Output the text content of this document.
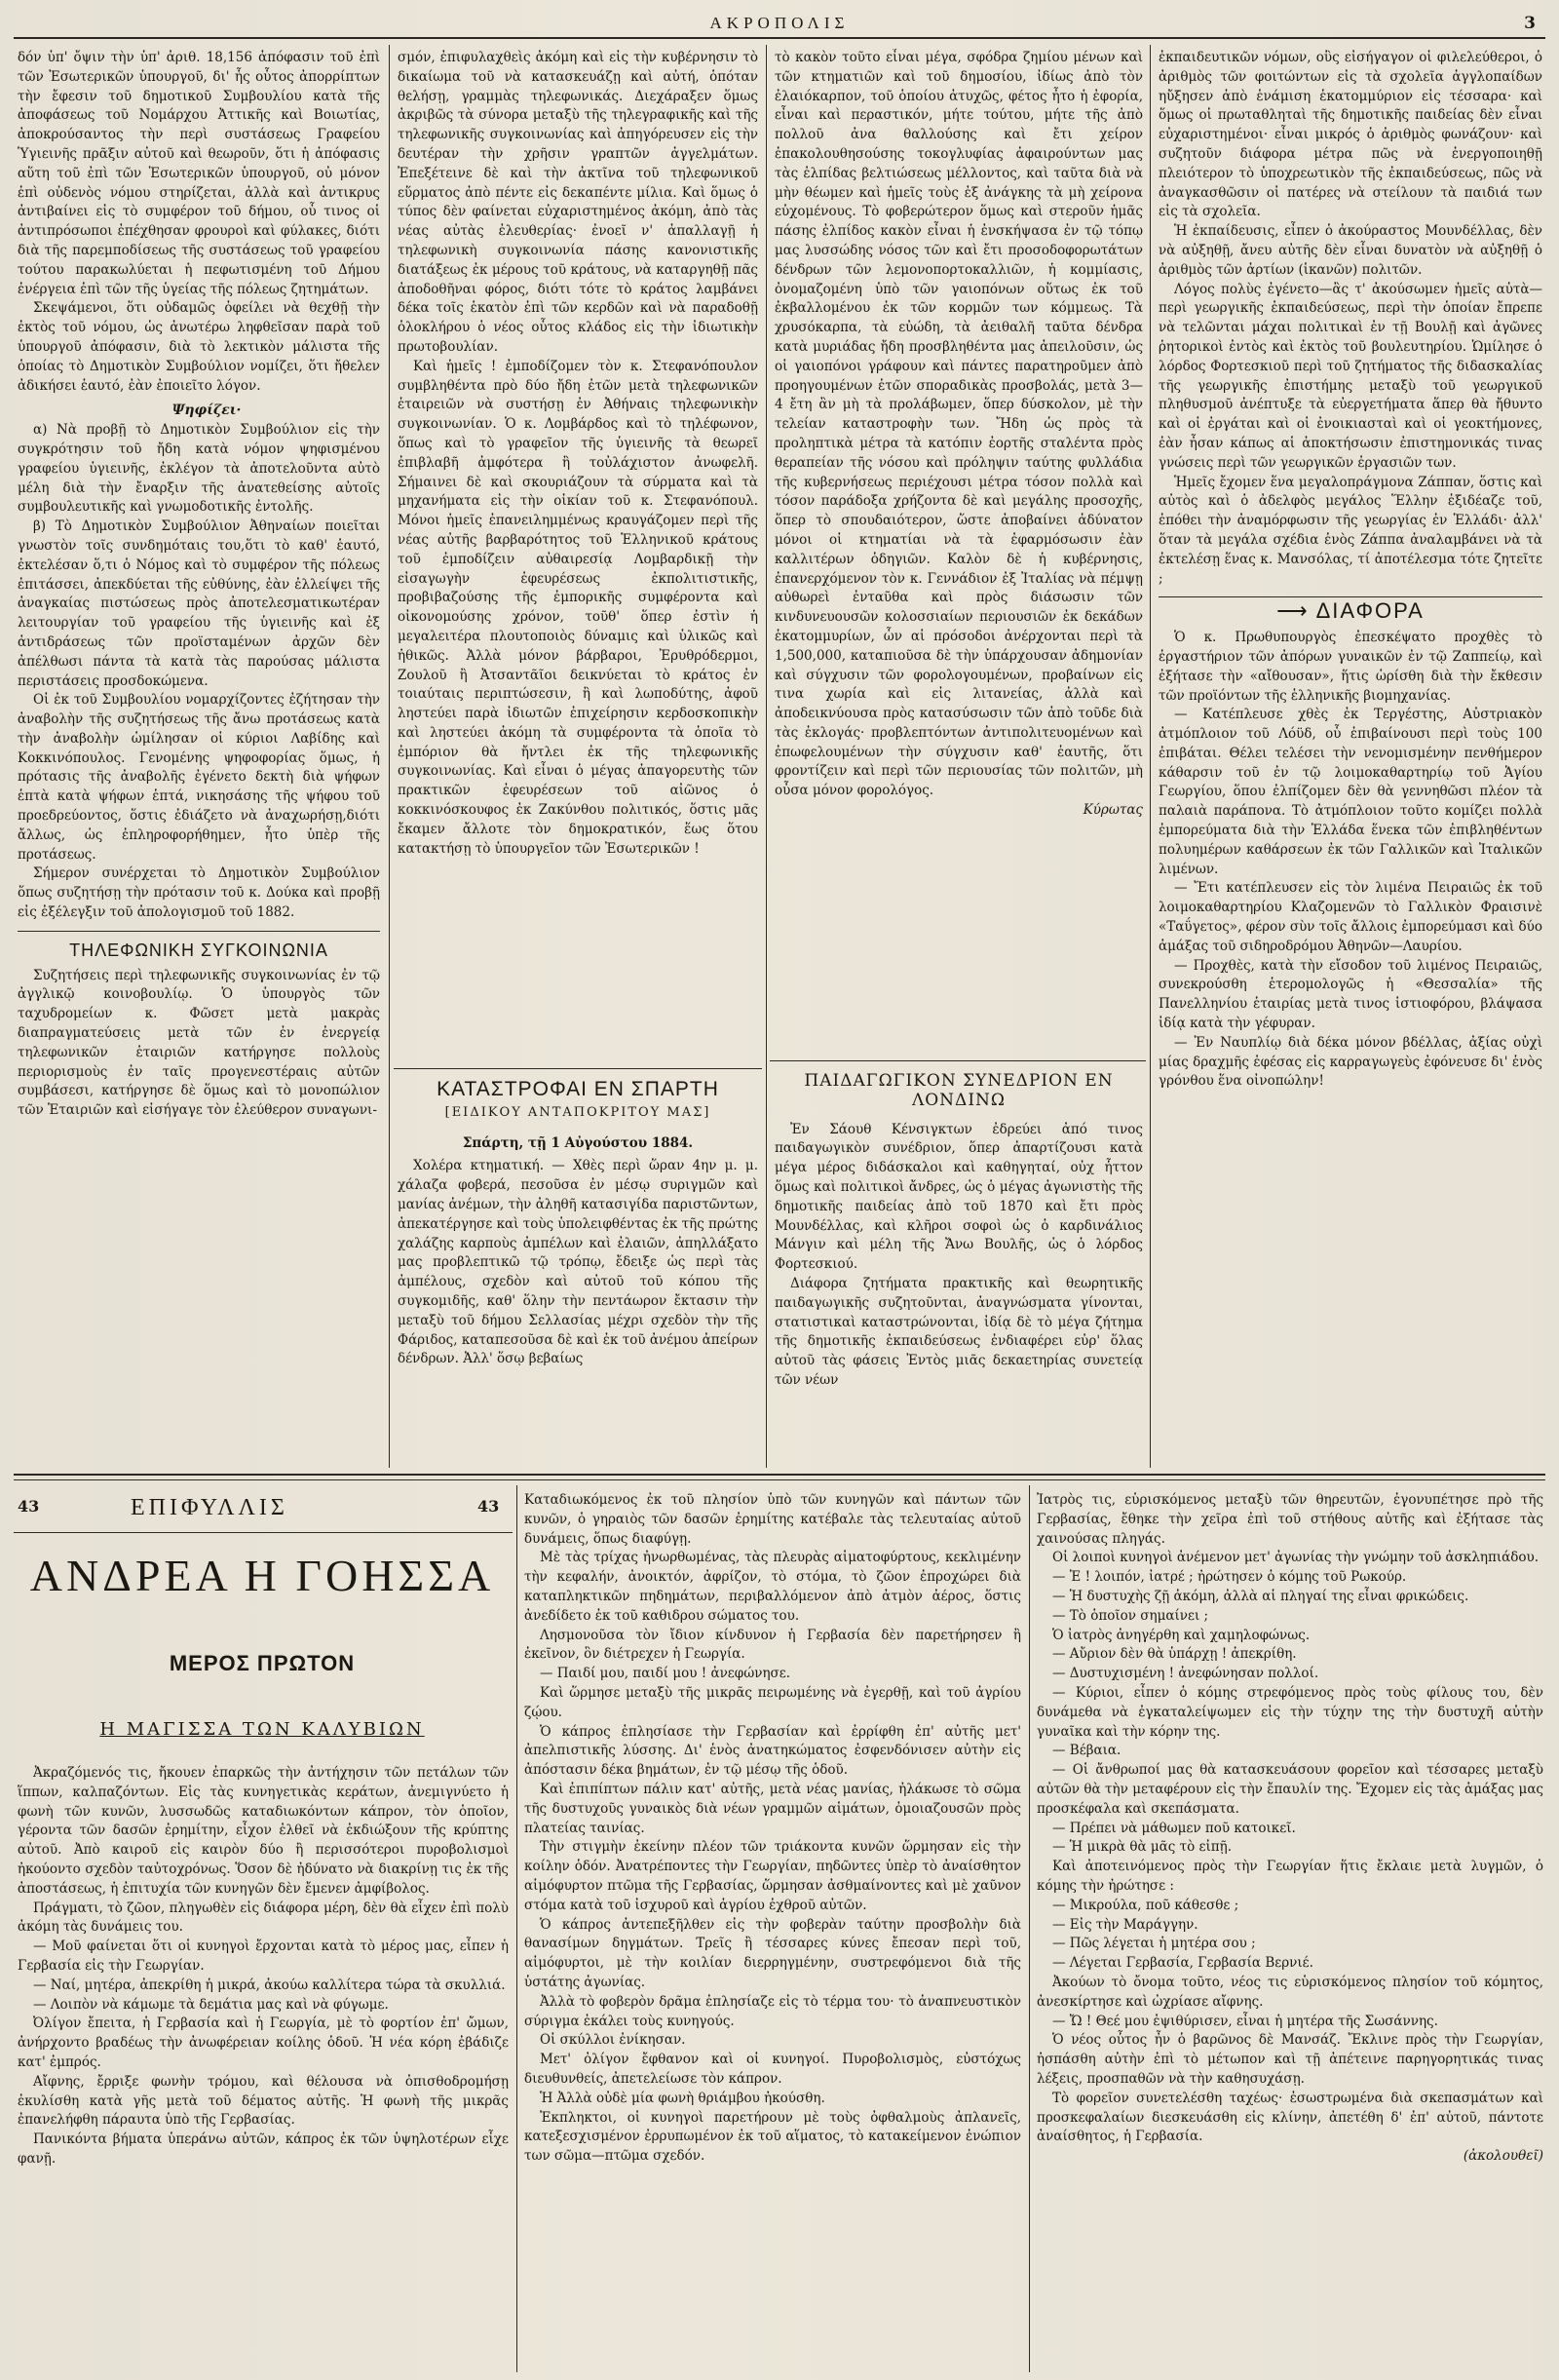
ΑΚΡΟΠΟΛΙΣ	3

δόν ὑπ' ὄψιν τὴν ὑπ' ἀριθ. 18,156 ἀπόφασιν τοῦ ἐπὶ τῶν Ἐσωτερικῶν ὑπουργοῦ, δι' ἧς οὗτος ἀπορρίπτων τὴν ἔφεσιν τοῦ δημοτικοῦ Συμβουλίου κατὰ τῆς ἀποφάσεως τοῦ Νομάρχου Ἀττικῆς καὶ Βοιωτίας, ἀποκρούσαντος τὴν περὶ συστάσεως Γραφείου Ὑγιεινῆς πρᾶξιν αὐτοῦ καὶ θεωροῦν, ὅτι ἡ ἀπόφασις αὕτη τοῦ ἐπὶ τῶν Ἐσωτερικῶν ὑπουργοῦ, οὐ μόνον ἐπὶ οὐδενὸς νόμου στηρίζεται, ἀλλὰ καὶ ἀντικρυς ἀντιβαίνει εἰς τὸ συμφέρον τοῦ δήμου, οὗ τινος οἱ ἀντιπρόσωποι ἐπέχθησαν φρουροὶ καὶ φύλακες, διότι διὰ τῆς παρεμποδίσεως τῆς συστάσεως τοῦ γραφείου τούτου παρακωλύεται ἡ πεφωτισμένη τοῦ Δήμου ἐνέργεια ἐπὶ τῶν τῆς ὑγείας τῆς πόλεως ζητημάτων.

Σκεψάμενοι, ὅτι οὐδαμῶς ὀφείλει νὰ θεχθῇ τὴν ἐκτὸς τοῦ νόμου, ὡς ἀνωτέρω ληφθεῖσαν παρὰ τοῦ ὑπουργοῦ ἀπόφασιν, διὰ τὸ λεκτικὸν μάλιστα τῆς ὁποίας τὸ Δημοτικὸν Συμβούλιον νομίζει, ὅτι ἤθελεν ἀδικήσει ἑαυτό, ἐὰν ἐποιεῖτο λόγον.

Ψηφίζει·

α) Νὰ προβῇ τὸ Δημοτικὸν Συμβούλιον εἰς τὴν συγκρότησιν τοῦ ἤδη κατὰ νόμον ψηφισμένου γραφείου ὑγιεινῆς, ἐκλέγον τὰ ἀποτελοῦντα αὐτὸ μέλη διὰ τὴν ἔναρξιν τῆς ἀνατεθείσης αὐτοῖς συμβουλευτικῆς καὶ γνωμοδοτικῆς ἐντολῆς.

β) Τὸ Δημοτικὸν Συμβούλιον Ἀθηναίων ποιεῖται γνωστὸν τοῖς συνδημόταις του,ὅτι τὸ καθ' ἑαυτό, ἐκτελέσαν ὅ,τι ὁ Νόμος καὶ τὸ συμφέρον τῆς πόλεως ἐπιτάσσει, ἀπεκδύεται τῆς εὐθύνης, ἐὰν ἐλλείψει τῆς ἀναγκαίας πιστώσεως πρὸς ἀποτελεσματικωτέραν λειτουργίαν τοῦ γραφείου τῆς ὑγιεινῆς καὶ ἐξ ἀντιδράσεως τῶν προϊσταμένων ἀρχῶν δὲν ἀπέλθωσι πάντα τὰ κατὰ τὰς παρούσας μάλιστα περιστάσεις προσδοκώμενα.

Οἱ ἐκ τοῦ Συμβουλίου νομαρχίζοντες ἐζήτησαν τὴν ἀναβολὴν τῆς συζητήσεως τῆς ἄνω προτάσεως κατὰ τὴν ἀναβολὴν ὡμίλησαν οἱ κύριοι Λαβίδης καὶ Κοκκινόπουλος. Γενομένης ψηφοφορίας ὅμως, ἡ πρότασις τῆς ἀναβολῆς ἐγένετο δεκτὴ διὰ ψήφων ἑπτὰ κατὰ ψήφων ἑπτά, νικησάσης τῆς ψήφου τοῦ προεδρεύοντος, ὅστις ἐδιάζετο νὰ ἀναχωρήσῃ,διότι ἄλλως, ὡς ἐπληροφορήθημεν, ἦτο ὑπὲρ τῆς προτάσεως.

Σήμερον συνέρχεται τὸ Δημοτικὸν Συμβούλιον ὅπως συζητήσῃ τὴν πρότασιν τοῦ κ. Δούκα καὶ προβῇ εἰς ἐξέλεγξιν τοῦ ἀπολογισμοῦ τοῦ 1882.

ΤΗΛΕΦΩΝΙΚΗ ΣΥΓΚΟΙΝΩΝΙΑ

Συζητήσεις περὶ τηλεφωνικῆς συγκοινωνίας ἐν τῷ ἀγγλικῷ κοινοβουλίῳ. Ὁ ὑπουργὸς τῶν ταχυδρομείων κ. Φῶσετ μετὰ μακρὰς διαπραγματεύσεις μετὰ τῶν ἐν ἐνεργείᾳ τηλεφωνικῶν ἑταιριῶν κατήργησε πολλοὺς περιορισμοὺς ἐν ταῖς προγενεστέραις αὐτῶν συμβάσεσι, κατήργησε δὲ ὅμως καὶ τὸ μονοπώλιον τῶν Ἑταιριῶν καὶ εἰσήγαγε τὸν ἐλεύθερον συναγωνι-

σμόν, ἐπιφυλαχθεὶς ἀκόμη καὶ εἰς τὴν κυβέρνησιν τὸ δικαίωμα τοῦ νὰ κατασκευάζῃ καὶ αὐτή, ὁπόταν θελήσῃ, γραμμὰς τηλεφωνικάς. Διεχάραξεν ὅμως ἀκριβῶς τὰ σύνορα μεταξὺ τῆς τηλεγραφικῆς καὶ τῆς τηλεφωνικῆς συγκοινωνίας καὶ ἀπηγόρευσεν εἰς τὴν δευτέραν τὴν χρῆσιν γραπτῶν ἀγγελμάτων. Ἐπεξέτεινε δὲ καὶ τὴν ἀκτῖνα τοῦ τηλεφωνικοῦ εὕρματος ἀπὸ πέντε εἰς δεκαπέντε μίλια. Καὶ ὅμως ὁ τύπος δὲν φαίνεται εὐχαριστημένος ἀκόμη, ἀπὸ τὰς νέας αὐτὰς ἐλευθερίας· ἐνοεῖ ν' ἀπαλλαγῇ ἡ τηλεφωνικὴ συγκοινωνία πάσης κανονιστικῆς διατάξεως ἐκ μέρους τοῦ κράτους, νὰ καταργηθῇ πᾶς ἀποδοθῆναι φόρος, διότι τότε τὸ κράτος λαμβάνει δέκα τοῖς ἑκατὸν ἐπὶ τῶν κερδῶν καὶ νὰ παραδοθῇ ὁλοκλήρου ὁ νέος οὗτος κλάδος εἰς τὴν ἰδιωτικὴν πρωτοβουλίαν.

Καὶ ἡμεῖς ! ἐμποδίζομεν τὸν κ. Στεφανόπουλον συμβληθέντα πρὸ δύο ἤδη ἐτῶν μετὰ τηλεφωνικῶν ἑταιρειῶν νὰ συστήσῃ ἐν Ἀθήναις τηλεφωνικὴν συγκοινωνίαν. Ὁ κ. Λομβάρδος καὶ τὸ τηλέφωνον, ὅπως καὶ τὸ γραφεῖον τῆς ὑγιεινῆς τὰ θεωρεῖ ἐπιβλαβῆ ἀμφότερα ἢ τοὐλάχιστον ἀνωφελῆ. Σήμαινει δὲ καὶ σκουριάζουν τὰ σύρματα καὶ τὰ μηχανήματα εἰς τὴν οἰκίαν τοῦ κ. Στεφανόπουλ. Μόνοι ἡμεῖς ἐπανειλημμένως κραυγάζομεν περὶ τῆς νέας αὐτῆς βαρβαρότητος τοῦ Ἑλληνικοῦ κράτους τοῦ ἐμποδίζειν αὐθαιρεσίᾳ Λομβαρδικῇ τὴν εἰσαγωγὴν ἐφευρέσεως ἐκπολιτιστικῆς, προβιβαζούσης τῆς ἐμπορικῆς συμφέροντα καὶ οἰκονομούσης χρόνον, τοῦθ' ὅπερ ἐστὶν ἡ μεγαλειτέρα πλουτοποιὸς δύναμις καὶ ὑλικῶς καὶ ἠθικῶς. Ἀλλὰ μόνον βάρβαροι, Ἐρυθρόδερμοι, Ζουλοῦ ἢ Ἀτσαντᾶῖοι δεικνύεται τὸ κράτος ἐν τοιαύταις περιπτώσεσιν, ἢ καὶ λωποδύτης, ἀφοῦ ληστεύει παρὰ ἰδιωτῶν ἐπιχείρησιν κερδοσκοπικὴν καὶ ληστεύει ἀκόμη τὰ συμφέροντα τὰ ὁποῖα τὸ ἐμπόριον θὰ ἤντλει ἐκ τῆς τηλεφωνικῆς συγκοινωνίας. Καὶ εἶναι ὁ μέγας ἀπαγορευτὴς τῶν πρακτικῶν ἐφευρέσεων τοῦ αἰῶνος ὁ κοκκινόσκουφος ἐκ Ζακύνθου πολιτικός, ὅστις μᾶς ἔκαμεν ἄλλοτε τὸν δημοκρατικόν, ἕως ὅτου κατακτήσῃ τὸ ὑπουργεῖον τῶν Ἐσωτερικῶν !

ΚΑΤΑΣΤΡΟΦΑΙ ΕΝ ΣΠΑΡΤΗ
[ΕΙΔΙΚΟΥ ΑΝΤΑΠΟΚΡΙΤΟΥ ΜΑΣ]

Σπάρτη, τῇ 1 Αὐγούστου 1884.

Χολέρα κτηματική. — Χθὲς περὶ ὥραν 4ην μ. μ. χάλαζα φοβερά, πεσοῦσα ἐν μέσῳ συριγμῶν καὶ μανίας ἀνέμων, τὴν ἀληθῆ κατασιγίδα παριστῶντων, ἀπεκατέργησε καὶ τοὺς ὑπολειφθέντας ἐκ τῆς πρώτης χαλάζης καρποὺς ἀμπέλων καὶ ἐλαιῶν, ἀπηλλάξατο μας προβλεπτικῶ τῷ τρόπῳ, ἔδειξε ὡς περὶ τὰς ἀμπέλους, σχεδὸν καὶ αὐτοῦ τοῦ κόπου τῆς συγκομιδῆς, καθ' ὅλην τὴν πεντάωρον ἔκτασιν τὴν μεταξὺ τοῦ δήμου Σελλασίας μέχρι σχεδὸν τὴν τῆς Φάριδος, καταπεσοῦσα δὲ καὶ ἐκ τοῦ ἀνέμου ἀπείρων δένδρων. Ἀλλ' ὅσῳ βεβαίως

τὸ κακὸν τοῦτο εἶναι μέγα, σφόδρα ζημίου μένων καὶ τῶν κτηματιῶν καὶ τοῦ δημοσίου, ἰδίως ἀπὸ τὸν ἐλαιόκαρπον, τοῦ ὁποίου ἀτυχῶς, φέτος ἦτο ἡ ἐφορία, εἶναι καὶ περαστικόν, μήτε τούτου, μήτε τῆς ἀπὸ πολλοῦ ἀνα θαλλούσης καὶ ἔτι χείρον ἐπακολουθησούσης τοκογλυφίας ἀφαιρούντων μας τὰς ἐλπίδας βελτιώσεως μέλλοντος, καὶ ταῦτα διὰ νὰ μὴν θέωμεν καὶ ἡμεῖς τοὺς ἐξ ἀνάγκης τὰ μὴ χείρονα εὐχομένους. Τὸ φοβερώτερον ὅμως καὶ στεροῦν ἡμᾶς πάσης ἐλπίδος κακὸν εἶναι ἡ ἐνσκήψασα ἐν τῷ τόπῳ μας λυσσώδης νόσος τῶν καὶ ἔτι προσοδοφορωτάτων δένδρων τῶν λεμονοπορτοκαλλιῶν, ἡ κομμίασις, ὀνομαζομένη ὑπὸ τῶν γαιοπόνων οὕτως ἐκ τοῦ ἐκβαλλομένου ἐκ τῶν κορμῶν των κόμμεως. Τὰ χρυσόκαρπα, τὰ εὐώδη, τὰ ἀειθαλῆ ταῦτα δένδρα κατὰ μυριάδας ἤδη προσβληθέντα μας ἀπειλοῦσιν, ὡς οἱ γαιοπόνοι γράφουν καὶ πάντες παρατηροῦμεν ἀπὸ προηγουμένων ἐτῶν σποραδικὰς προσβολάς, μετὰ 3—4 ἔτη ἂν μὴ τὰ προλάβωμεν, ὅπερ δύσκολον, μὲ τὴν τελείαν καταστροφὴν των. Ἤδη ὡς πρὸς τὰ προληπτικὰ μέτρα τὰ κατόπιν ἐορτῆς σταλέντα πρὸς θεραπείαν τῆς νόσου καὶ πρόληψιν ταύτης φυλλάδια τῆς κυβερνήσεως περιέχουσι μέτρα τόσον πολλὰ καὶ τόσον παράδοξα χρήζοντα δὲ καὶ μεγάλης προσοχῆς, ὅπερ τὸ σπουδαιότερον, ὥστε ἀποβαίνει ἀδύνατον μόνοι οἱ κτηματίαι νὰ τὰ ἐφαρμόσωσιν ἐὰν καλλιτέρων ὁδηγιῶν. Καλὸν δὲ ἡ κυβέρνησις, ἐπανερχόμενον τὸν κ. Γεννάδιον ἐξ Ἰταλίας νὰ πέμψῃ αὐθωρεὶ ἐνταῦθα καὶ πρὸς διάσωσιν τῶν κινδυνευουσῶν κολοσσιαίων περιουσιῶν ἐκ δεκάδων ἑκατομμυρίων, ὧν αἱ πρόσοδοι ἀνέρχονται περὶ τὰ 1,500,000, καταπιοῦσα δὲ τὴν ὑπάρχουσαν ἀδημονίαν καὶ σύγχυσιν τῶν φορολογουμένων, προβαίνων εἰς τινα χωρία καὶ εἰς λιτανείας, ἀλλὰ καὶ ἀποδεικνύουσα πρὸς κατασύσωσιν τῶν ἀπὸ τοῦδε διὰ τὰς ἐκλογάς· προβλεπτόντων ἀντιπολιτευομένων καὶ ἐπωφελουμένων τὴν σύγχυσιν καθ' ἑαυτῆς, ὅτι φροντίζειν καὶ περὶ τῶν περιουσίας τῶν πολιτῶν, μὴ οὖσα μόνον φορολόγος.

Κύρωτας

ΠΑΙΔΑΓΩΓΙΚΟΝ ΣΥΝΕΔΡΙΟΝ ΕΝ ΛΟΝΔΙΝΩ

Ἐν Σάουθ Κένσιγκτων ἐδρεύει ἀπό τινος παιδαγωγικὸν συνέδριον, ὅπερ ἀπαρτίζουσι κατὰ μέγα μέρος διδάσκαλοι καὶ καθηγηταί, οὐχ ἧττον ὅμως καὶ πολιτικοὶ ἄνδρες, ὡς ὁ μέγας ἀγωνιστὴς τῆς δημοτικῆς παιδείας ἀπὸ τοῦ 1870 καὶ ἔτι πρὸς Μουνδέλλας, καὶ κλῆροι σοφοὶ ὡς ὁ καρδινάλιος Μάνγιν καὶ μέλη τῆς Ἄνω Βουλῆς, ὡς ὁ λόρδος Φορτεσκιού.

Διάφορα ζητήματα πρακτικῆς καὶ θεωρητικῆς παιδαγωγικῆς συζητοῦνται, ἀναγνώσματα γίνονται, στατιστικαὶ καταστρώνονται, ἰδίᾳ δὲ τὸ μέγα ζήτημα τῆς δημοτικῆς ἐκπαιδεύσεως ἐνδιαφέρει εὐρ' ὅλας αὐτοῦ τὰς φάσεις Ἐντὸς μιᾶς δεκαετηρίας συνετείᾳ τῶν νέων

ἐκπαιδευτικῶν νόμων, οὓς εἰσήγαγον οἱ φιλελεύθεροι, ὁ ἀριθμὸς τῶν φοιτώντων εἰς τὰ σχολεῖα ἀγγλοπαίδων ηὔξησεν ἀπὸ ἑνάμιση ἑκατομμύριον εἰς τέσσαρα· καὶ ὅμως οἱ πρωταθληταὶ τῆς δημοτικῆς παιδείας δὲν εἶναι εὐχαριστημένοι· εἶναι μικρός ὁ ἀριθμὸς φωνάζουν· καὶ συζητοῦν διάφορα μέτρα πῶς νὰ ἐνεργοποιηθῇ πλειότερον τὸ ὑποχρεωτικὸν τῆς ἐκπαιδεύσεως, πῶς νὰ ἀναγκασθῶσιν οἱ πατέρες νὰ στείλουν τὰ παιδιά των εἰς τὰ σχολεῖα.

Ἡ ἐκπαίδευσις, εἶπεν ὁ ἀκούραστος Μουνδέλλας, δὲν νὰ αὐξηθῇ, ἄνευ αὐτῆς δὲν εἶναι δυνατὸν νὰ αὐξηθῇ ὁ ἀριθμὸς τῶν ἀρτίων (ἱκανῶν) πολιτῶν.

Λόγος πολὺς ἐγένετο—ἂς τ' ἀκούσωμεν ἡμεῖς αὐτὰ—περὶ γεωργικῆς ἐκπαιδεύσεως, περὶ τὴν ὁποίαν ἔπρεπε νὰ τελῶνται μάχαι πολιτικαὶ ἐν τῇ Βουλῇ καὶ ἀγῶνες ῥητορικοὶ ἐντὸς καὶ ἐκτὸς τοῦ βουλευτηρίου. Ὡμίλησε ὁ λόρδος Φορτεσκιοῦ περὶ τοῦ ζητήματος τῆς διδασκαλίας τῆς γεωργικῆς ἐπιστήμης μεταξὺ τοῦ γεωργικοῦ πληθυσμοῦ ἀνέπτυξε τὰ εὐεργετήματα ἅπερ θὰ ἤθυντο καὶ οἱ ἐργάται καὶ οἱ ἐνοικιασταὶ καὶ οἱ γεοκτήμονες, ἐὰν ἦσαν κάπως αἱ ἀποκτήσωσιν ἐπιστημονικάς τινας γνώσεις περὶ τῶν γεωργικῶν ἐργασιῶν των.

Ἡμεῖς ἔχομεν ἕνα μεγαλοπράγμονα Ζάππαν, ὅστις καὶ αὐτὸς καὶ ὁ ἀδελφὸς μεγάλος Ἕλλην ἐξιδέαζε τοῦ, ἐπόθει τὴν ἀναμόρφωσιν τῆς γεωργίας ἐν Ἑλλάδι· ἀλλ' ὅταν τὰ μεγάλα σχέδια ἐνὸς Ζάππα ἀναλαμβάνει νὰ τὰ ἐκτελέσῃ ἕνας κ. Μανσόλας, τί ἀποτέλεσμα τότε ζητεῖτε ;

⟶ ΔΙΑΦΟΡΑ

Ὁ κ. Πρωθυπουργὸς ἐπεσκέψατο προχθὲς τὸ ἐργαστήριον τῶν ἀπόρων γυναικῶν ἐν τῷ Ζαππείῳ, καὶ ἐξήτασε τὴν «αἴθουσαν», ἥτις ὡρίσθη διὰ τὴν ἔκθεσιν τῶν προϊόντων τῆς ἑλληνικῆς βιομηχανίας.

— Κατέπλευσε χθὲς ἐκ Τεργέστης, Αὐστριακὸν ἀτμόπλοιον τοῦ Λόϋδ, οὗ ἐπιβαίνουσι περὶ τοὺς 100 ἐπιβάται. Θέλει τελέσει τὴν νενομισμένην πενθήμερον κάθαρσιν τοῦ ἐν τῷ λοιμοκαθαρτηρίῳ τοῦ Ἁγίου Γεωργίου, ὅπου ἐλπίζομεν δὲν θὰ γεννηθῶσι πλέον τὰ παλαιὰ παράπονα. Τὸ ἀτμόπλοιον τοῦτο κομίζει πολλὰ ἐμπορεύματα διὰ τὴν Ἑλλάδα ἕνεκα τῶν ἐπιβληθέντων πολυημέρων καθάρσεων ἐκ τῶν Γαλλικῶν καὶ Ἰταλικῶν λιμένων.

— Ἔτι κατέπλευσεν εἰς τὸν λιμένα Πειραιῶς ἐκ τοῦ λοιμοκαθαρτηρίου Κλαζομενῶν τὸ Γαλλικὸν Φραισινὲ «Ταΰγετος», φέρον σὺν τοῖς ἄλλοις ἐμπορεύμασι καὶ δύο ἁμάξας τοῦ σιδηροδρόμου Ἀθηνῶν—Λαυρίου.

— Προχθὲς, κατὰ τὴν εἴσοδον τοῦ λιμένος Πειραιῶς, συνεκρούσθη ἑτερομολογῶς ἡ «Θεσσαλία» τῆς Πανελληνίου ἑταιρίας μετὰ τινος ἱστιοφόρου, βλάψασα ἰδίᾳ κατὰ τὴν γέφυραν.

— Ἐν Ναυπλίῳ διὰ δέκα μόνον βδέλλας, ἀξίας οὐχὶ μίας δραχμῆς ἐφέσας εἰς καρραγωγεὺς ἐφόνευσε δι' ἑνὸς γρόνθου ἕνα οἰνοπώλην!

43	ΕΠΙΦΥΛΛΙΣ	43
ΑΝΔΡΕΑ Η ΓΟΗΣΣΑ
ΜΕΡΟΣ ΠΡΩΤΟΝ
Η ΜΑΓΙΣΣΑ ΤΩΝ ΚΑΛΥΒΙΩΝ

Ἀκραζόμενός τις, ἤκουεν ἐπαρκῶς τὴν ἀντήχησιν τῶν πετάλων τῶν ἵππων, καλπαζόντων. Εἰς τὰς κυνηγετικὰς κεράτων, ἀνεμιγνύετο ἡ φωνὴ τῶν κυνῶν, λυσσωδῶς καταδιωκόντων κάπρον, τὸν ὁποῖον, γέροντα τῶν δασῶν ἐρημίτην, εἶχον ἐλθεῖ νὰ ἐκδιώξουν τῆς κρύπτης αὐτοῦ. Ἀπὸ καιροῦ εἰς καιρὸν δύο ἢ περισσότεροι πυροβολισμοὶ ἠκούοντο σχεδὸν ταὐτοχρόνως. Ὅσον δὲ ἠδύνατο νὰ διακρίνῃ τις ἐκ τῆς ἀποστάσεως, ἡ ἐπιτυχία τῶν κυνηγῶν δὲν ἔμενεν ἀμφίβολος.

Πράγματι, τὸ ζῶον, πληγωθὲν εἰς διάφορα μέρη, δὲν θὰ εἶχεν ἐπὶ πολὺ ἀκόμη τὰς δυνάμεις του.

— Μοῦ φαίνεται ὅτι οἱ κυνηγοὶ ἔρχονται κατὰ τὸ μέρος μας, εἶπεν ἡ Γερβασία εἰς τὴν Γεωργίαν.

— Ναί, μητέρα, ἀπεκρίθη ἡ μικρά, ἀκούω καλλίτερα τώρα τὰ σκυλλιά.

— Λοιπὸν νὰ κάμωμε τὰ δεμάτια μας καὶ νὰ φύγωμε.

Ὀλίγον ἔπειτα, ἡ Γερβασία καὶ ἡ Γεωργία, μὲ τὸ φορτίον ἐπ' ὤμων, ἀνήρχοντο βραδέως τὴν ἀνωφέρειαν κοίλης ὁδοῦ. Ἡ νέα κόρη ἐβάδιζε κατ' ἐμπρός.

Αἴφνης, ἔρριξε φωνὴν τρόμου, καὶ θέλουσα νὰ ὀπισθοδρομήσῃ ἐκυλίσθη κατὰ γῆς μετὰ τοῦ δέματος αὐτῆς. Ἡ φωνὴ τῆς μικρᾶς ἐπανελήφθη πάραυτα ὑπὸ τῆς Γερβασίας.

Πανικόντα βήματα ὑπεράνω αὐτῶν, κάπρος ἐκ τῶν ὑψηλοτέρων εἶχε φανῇ.

Καταδιωκόμενος ἐκ τοῦ πλησίον ὑπὸ τῶν κυνηγῶν καὶ πάντων τῶν κυνῶν, ὁ γηραιὸς τῶν δασῶν ἐρημίτης κατέβαλε τὰς τελευταίας αὐτοῦ δυνάμεις, ὅπως διαφύγῃ.

Μὲ τὰς τρίχας ἠνωρθωμένας, τὰς πλευρὰς αἱματοφύρτους, κεκλιμένην τὴν κεφαλήν, ἀνοικτόν, ἀφρίζον, τὸ στόμα, τὸ ζῶον ἐπροχώρει διὰ καταπληκτικῶν πηδημάτων, περιβαλλόμενον ἀπὸ ἀτμὸν ἀέρος, ὅστις ἀνεδίδετο ἐκ τοῦ καθιδρου σώματος του.

Λησμονοῦσα τὸν ἴδιον κίνδυνον ἡ Γερβασία δὲν παρετήρησεν ἢ ἐκεῖνον, ὃν διέτρεχεν ἡ Γεωργία.

— Παιδί μου, παιδί μου ! ἀνεφώνησε.

Καὶ ὥρμησε μεταξὺ τῆς μικρᾶς πειρωμένης νὰ ἐγερθῇ, καὶ τοῦ ἀγρίου ζῴου.

Ὁ κάπρος ἐπλησίασε τὴν Γερβασίαν καὶ ἐρρίφθη ἐπ' αὐτῆς μετ' ἀπελπιστικῆς λύσσης. Δι' ἑνὸς ἀνατηκώματος ἐσφενδόνισεν αὐτὴν εἰς ἀπόστασιν δέκα βημάτων, ἐν τῷ μέσῳ τῆς ὁδοῦ.

Καὶ ἐπιπίπτων πάλιν κατ' αὐτῆς, μετὰ νέας μανίας, ἠλάκωσε τὸ σῶμα τῆς δυστυχοῦς γυναικὸς διὰ νέων γραμμῶν αἱμάτων, ὁμοιαζουσῶν πρὸς πλατείας ταινίας.

Τὴν στιγμὴν ἐκείνην πλέον τῶν τριάκοντα κυνῶν ὥρμησαν εἰς τὴν κοίλην ὁδόν. Ἀνατρέποντες τὴν Γεωργίαν, πηδῶντες ὑπὲρ τὸ ἀναίσθητον αἱμόφυρτον πτῶμα τῆς Γερβασίας, ὥρμησαν ἀσθμαίνοντες καὶ μὲ χαῦνον στόμα κατὰ τοῦ ἰσχυροῦ καὶ ἀγρίου ἐχθροῦ αὐτῶν.

Ὁ κάπρος ἀντεπεξῆλθεν εἰς τὴν φοβερὰν ταύτην προσβολὴν διὰ θανασίμων δηγμάτων. Τρεῖς ἢ τέσσαρες κύνες ἔπεσαν περὶ τοῦ, αἱμόφυρτοι, μὲ τὴν κοιλίαν διερρηγμένην, συστρεφόμενοι διὰ τῆς ὑστάτης ἀγωνίας.

Ἀλλὰ τὸ φοβερὸν δρᾶμα ἐπλησίαζε εἰς τὸ τέρμα του· τὸ ἀναπνευστικὸν σύριγμα ἐκάλει τοὺς κυνηγούς.

Οἱ σκύλλοι ἐνίκησαν.

Μετ' ὀλίγον ἔφθανον καὶ οἱ κυνηγοί. Πυροβολισμὸς, εὐστόχως διευθυνθείς, ἀπετελείωσε τὸν κάπρον.

Ἡ Ἀλλὰ οὐδὲ μία φωνὴ θριάμβου ἠκούσθη.

Ἐκπληκτοι, οἱ κυνηγοὶ παρετήρουν μὲ τοὺς ὀφθαλμοὺς ἀπλανεῖς, κατεξεσχισμένον ἐρρυπωμένον ἐκ τοῦ αἵματος, τὸ κατακείμενον ἐνώπιον των σῶμα—πτῶμα σχεδόν.

Ἰατρὸς τις, εὑρισκόμενος μεταξὺ τῶν θηρευτῶν, ἐγονυπέτησε πρὸ τῆς Γερβασίας, ἔθηκε τὴν χεῖρα ἐπὶ τοῦ στήθους αὐτῆς καὶ ἐξήτασε τὰς χαινούσας πληγάς.

Οἱ λοιποὶ κυνηγοὶ ἀνέμενον μετ' ἀγωνίας τὴν γνώμην τοῦ ἀσκληπιάδου.

— Ἐ ! λοιπόν, ἰατρέ ; ἠρώτησεν ὁ κόμης τοῦ Ρωκούρ.

— Ἡ δυστυχὴς ζῇ ἀκόμη, ἀλλὰ αἱ πληγαί της εἶναι φρικώδεις.

— Τὸ ὁποῖον σημαίνει ;

Ὁ ἰατρὸς ἀνηγέρθη καὶ χαμηλοφώνως.

— Αὔριον δὲν θὰ ὑπάρχῃ ! ἀπεκρίθη.

— Δυστυχισμένη ! ἀνεφώνησαν πολλοί.

— Κύριοι, εἶπεν ὁ κόμης στρεφόμενος πρὸς τοὺς φίλους του, δὲν δυνάμεθα νὰ ἐγκαταλείψωμεν εἰς τὴν τύχην της τὴν δυστυχῆ αὐτὴν γυναῖκα καὶ τὴν κόρην της.

— Βέβαια.

— Οἱ ἄνθρωποί μας θὰ κατασκευάσουν φορεῖον καὶ τέσσαρες μεταξὺ αὐτῶν θὰ τὴν μεταφέρουν εἰς τὴν ἔπαυλίν της. Ἔχομεν εἰς τὰς ἁμάξας μας προσκέφαλα καὶ σκεπάσματα.

— Πρέπει νὰ μάθωμεν ποῦ κατοικεῖ.

— Ἡ μικρὰ θὰ μᾶς τὸ εἰπῇ.

Καὶ ἀποτεινόμενος πρὸς τὴν Γεωργίαν ἥτις ἔκλαιε μετὰ λυγμῶν, ὁ κόμης τὴν ἠρώτησε :

— Μικρούλα, ποῦ κάθεσθε ;

— Εἰς τὴν Μαράγγην.

— Πῶς λέγεται ἡ μητέρα σου ;

— Λέγεται Γερβασία, Γερβασία Βερνιέ.

Ἀκούων τὸ ὄνομα τοῦτο, νέος τις εὑρισκόμενος πλησίον τοῦ κόμητος, ἀνεσκίρτησε καὶ ὠχρίασε αἴφνης.

— Ὤ ! Θεέ μου ἐψιθύρισεν, εἶναι ἡ μητέρα τῆς Σωσάννης.

Ὁ νέος οὗτος ἦν ὁ βαρῶνος δὲ Μανσάζ. Ἔκλινε πρὸς τὴν Γεωργίαν, ἠσπάσθη αὐτὴν ἐπὶ τὸ μέτωπον καὶ τῇ ἀπέτεινε παρηγορητικάς τινας λέξεις, προσπαθῶν νὰ τὴν καθησυχάσῃ.

Τὸ φορεῖον συνετελέσθη ταχέως· ἐσωστρωμένα διὰ σκεπασμάτων καὶ προσκεφαλαίων διεσκευάσθη εἰς κλίνην, ἀπετέθη δ' ἐπ' αὐτοῦ, πάντοτε ἀναίσθητος, ἡ Γερβασία.

(ἀκολουθεῖ)
